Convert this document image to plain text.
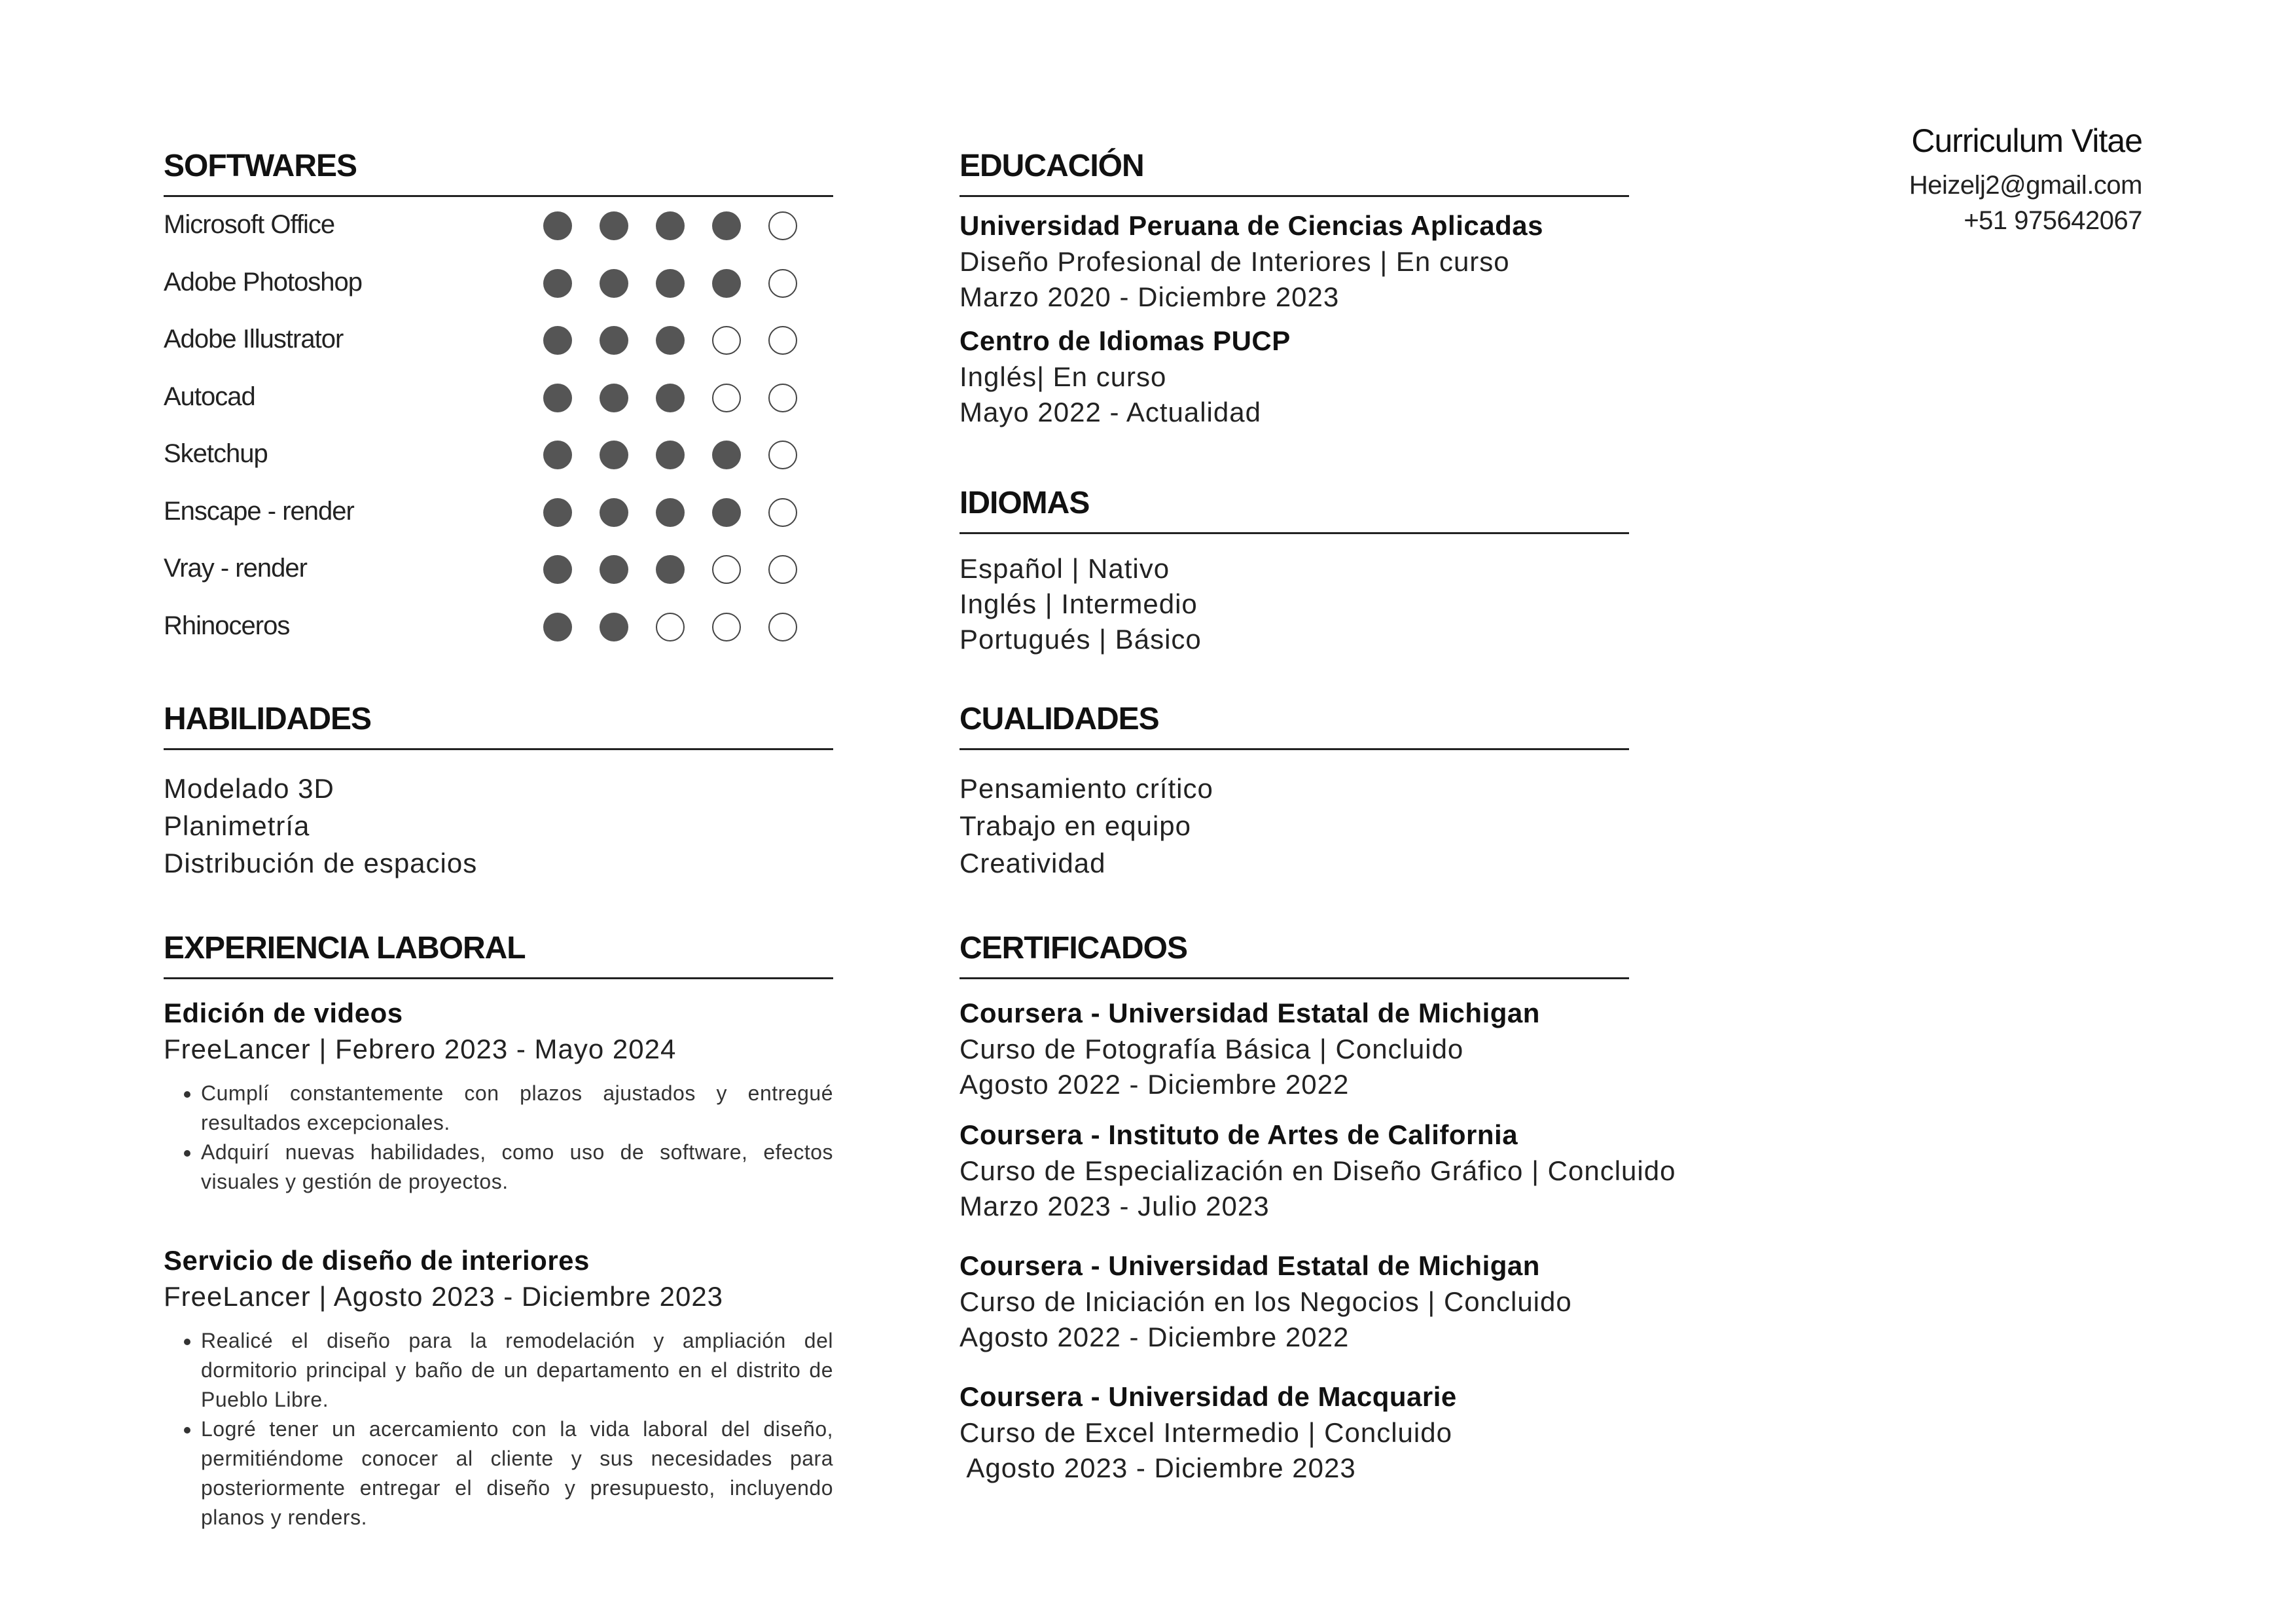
Curriculum Vitae
Heizelj2@gmail.com
+51 975642067
SOFTWARES
Microsoft Office
Adobe Photoshop
Adobe Illustrator
Autocad
Sketchup
Enscape - render
Vray - render
Rhinoceros
HABILIDADES
Modelado 3D
Planimetría
Distribución de espacios
EXPERIENCIA LABORAL
Edición de videos
FreeLancer | Febrero 2023 - Mayo 2024
• Cumplí constantemente con plazos ajustados y entregué resultados excepcionales.
• Adquirí nuevas habilidades, como uso de software, efectos visuales y gestión de proyectos.
Servicio de diseño de interiores
FreeLancer | Agosto 2023 - Diciembre 2023
• Realicé el diseño para la remodelación y ampliación del dormitorio principal y baño de un departamento en el distrito de Pueblo Libre.
• Logré tener un acercamiento con la vida laboral del diseño, permitiéndome conocer al cliente y sus necesidades para posteriormente entregar el diseño y presupuesto, incluyendo planos y renders.
EDUCACIÓN
Universidad Peruana de Ciencias Aplicadas
Diseño Profesional de Interiores | En curso
Marzo 2020 - Diciembre 2023
Centro de Idiomas PUCP
Inglés| En curso
Mayo 2022 - Actualidad
IDIOMAS
Español | Nativo
Inglés | Intermedio
Portugués | Básico
CUALIDADES
Pensamiento crítico
Trabajo en equipo
Creatividad
CERTIFICADOS
Coursera - Universidad Estatal de Michigan
Curso de Fotografía Básica | Concluido
Agosto 2022 - Diciembre 2022
Coursera - Instituto de Artes de California
Curso de Especialización en Diseño Gráfico | Concluido
Marzo 2023 - Julio 2023
Coursera - Universidad Estatal de Michigan
Curso de Iniciación en los Negocios | Concluido
Agosto 2022 - Diciembre 2022
Coursera - Universidad de Macquarie
Curso de Excel Intermedio | Concluido
Agosto 2023 - Diciembre 2023
